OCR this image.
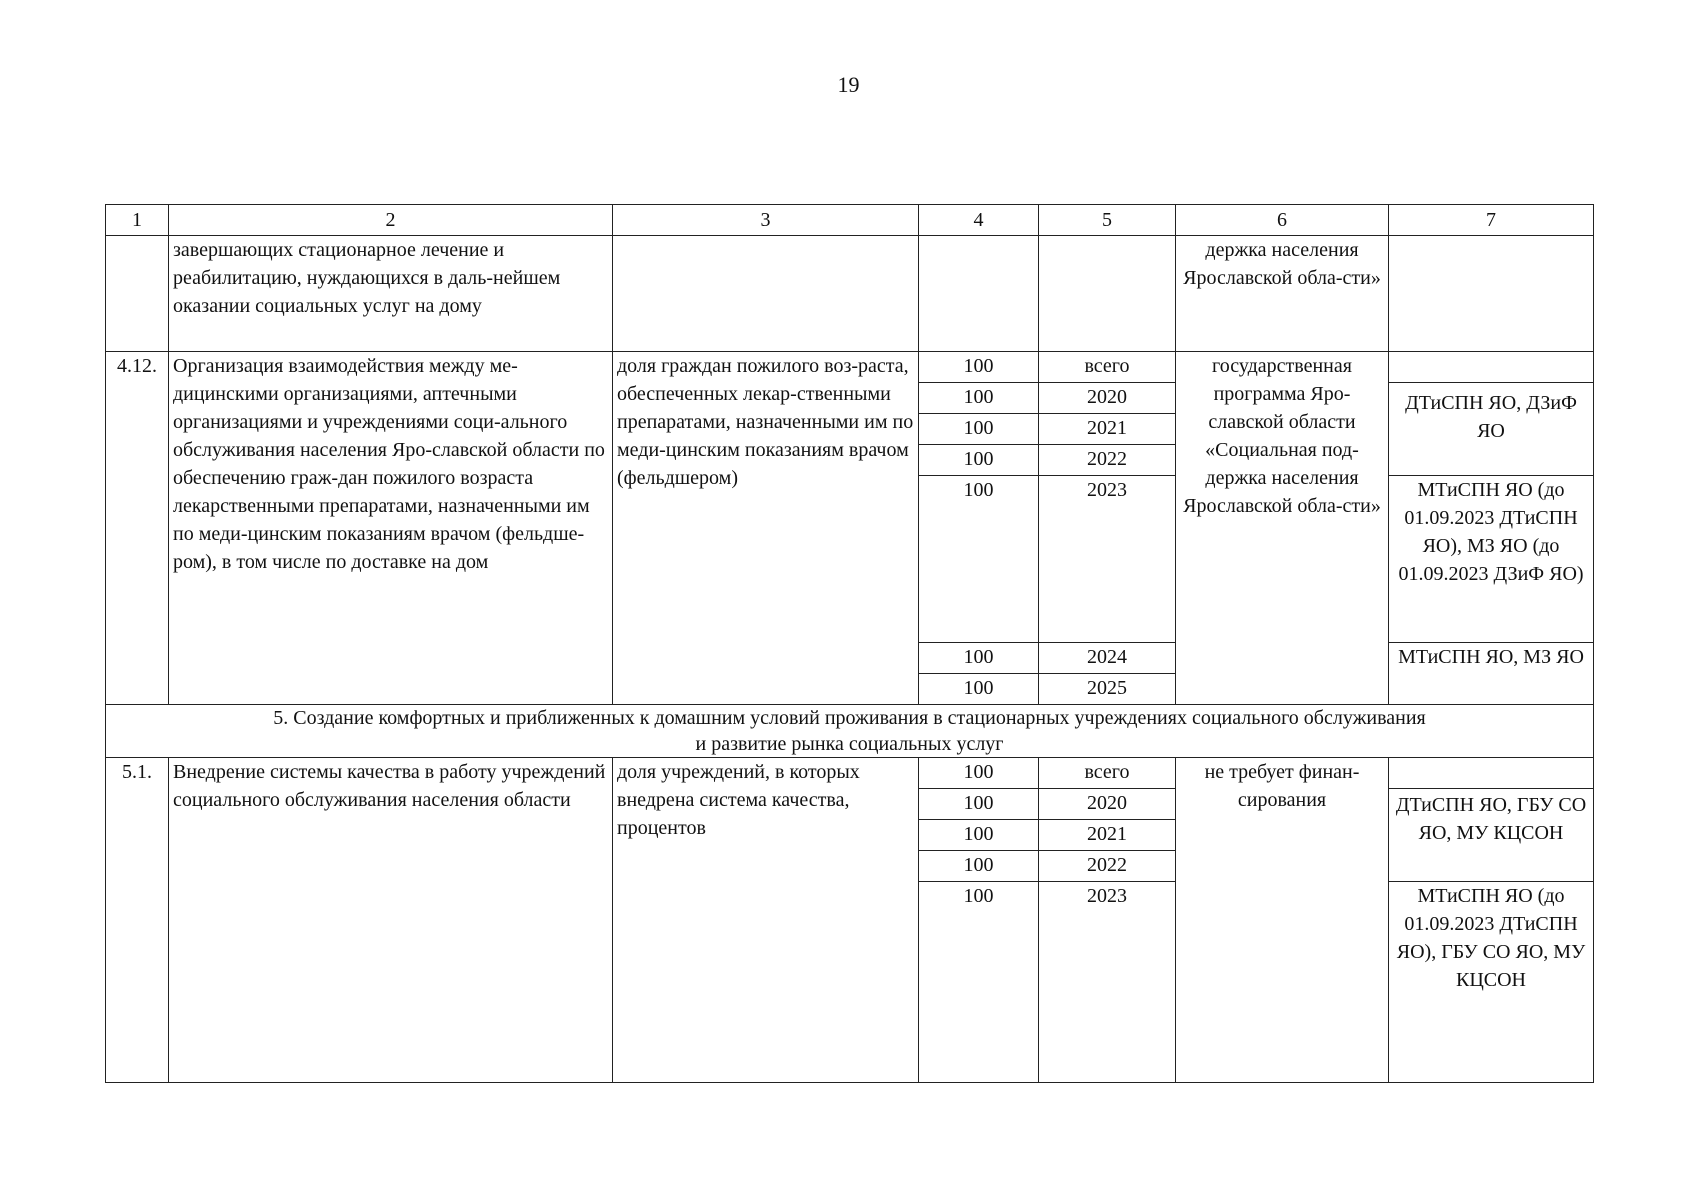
19
1	2	3	4	5	6	7
	завершающих стационарное лечение и реабилитацию, нуждающихся в даль-нейшем оказании социальных услуг на дому				держка населения Ярославской обла-сти»	
4.12.	Организация взаимодействия между ме-дицинскими организациями, аптечными организациями и учреждениями соци-ального обслуживания населения Яро-славской области по обеспечению граж-дан пожилого возраста лекарственными препаратами, назначенными им по меди-цинским показаниям врачом (фельдше-ром), в том числе по доставке на дом	доля граждан пожилого воз-раста, обеспеченных лекар-ственными препаратами, назначенными им по меди-цинским показаниям врачом (фельдшером)	100	всего	государственная программа Яро-славской области «Социальная под-держка населения Ярославской обла-сти»	
			100	2020		ДТиСПН ЯО, ДЗиФ ЯО
			100	2021		
			100	2022		
			100	2023		МТиСПН ЯО (до 01.09.2023 ДТиСПН ЯО), МЗ ЯО (до 01.09.2023 ДЗиФ ЯО)
			100	2024		МТиСПН ЯО, МЗ ЯО
			100	2025		
5. Создание комфортных и приближенных к домашним условий проживания в стационарных учреждениях социального обслуживания
и развитие рынка социальных услуг						
5.1.	Внедрение системы качества в работу учреждений социального обслуживания населения области	доля учреждений, в которых внедрена система качества, процентов	100	всего	не требует финан-сирования	
			100	2020		ДТиСПН ЯО, ГБУ СО ЯО, МУ КЦСОН
			100	2021		
			100	2022		
			100	2023		МТиСПН ЯО (до 01.09.2023 ДТиСПН ЯО), ГБУ СО ЯО, МУ КЦСОН
